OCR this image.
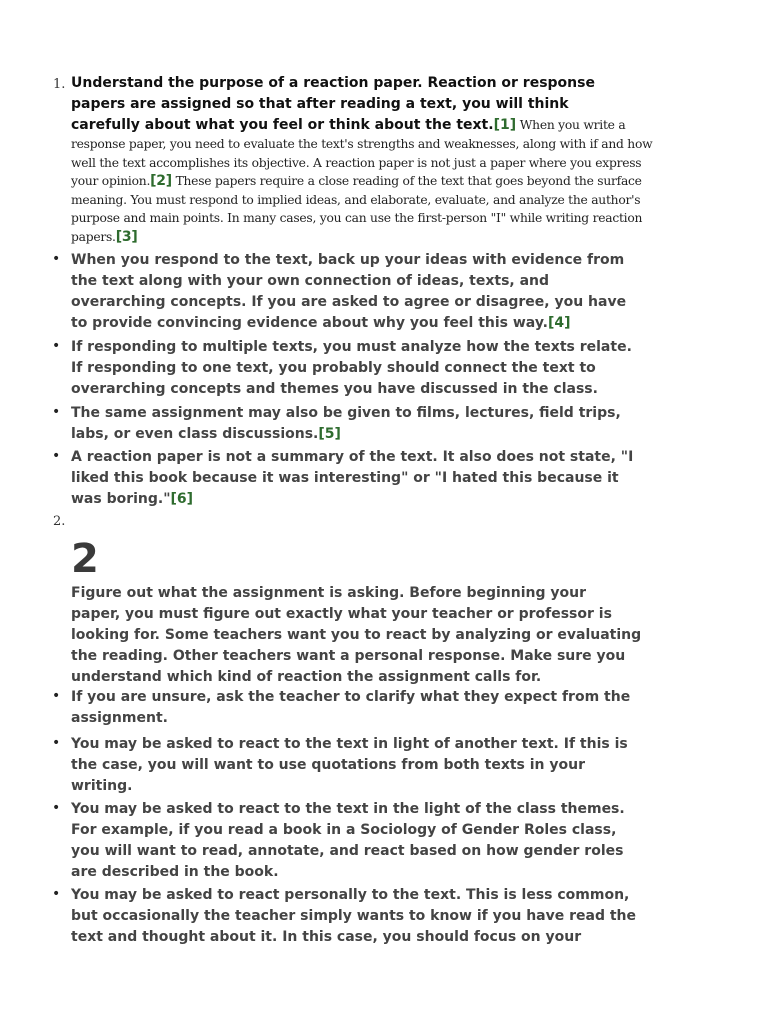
1. Understand the purpose of a reaction paper. Reaction or response
papers are assigned so that after reading a text, you will think
carefully about what you feel or think about the text.[1] When you write a
response paper, you need to evaluate the text's strengths and weaknesses, along with if and how
well the text accomplishes its objective. A reaction paper is not just a paper where you express
your opinion.[2] These papers require a close reading of the text that goes beyond the surface
meaning. You must respond to implied ideas, and elaborate, evaluate, and analyze the author's
purpose and main points. In many cases, you can use the first-person "I" while writing reaction
papers.[3]
• When you respond to the text, back up your ideas with evidence from
the text along with your own connection of ideas, texts, and
overarching concepts. If you are asked to agree or disagree, you have
to provide convincing evidence about why you feel this way.[4]
• If responding to multiple texts, you must analyze how the texts relate.
If responding to one text, you probably should connect the text to
overarching concepts and themes you have discussed in the class.
• The same assignment may also be given to films, lectures, field trips,
labs, or even class discussions.[5]
• A reaction paper is not a summary of the text. It also does not state, "I
liked this book because it was interesting" or "I hated this because it
was boring."[6]
2.
2
Figure out what the assignment is asking. Before beginning your
paper, you must figure out exactly what your teacher or professor is
looking for. Some teachers want you to react by analyzing or evaluating
the reading. Other teachers want a personal response. Make sure you
understand which kind of reaction the assignment calls for.
• If you are unsure, ask the teacher to clarify what they expect from the
assignment.
• You may be asked to react to the text in light of another text. If this is
the case, you will want to use quotations from both texts in your
writing.
• You may be asked to react to the text in the light of the class themes.
For example, if you read a book in a Sociology of Gender Roles class,
you will want to read, annotate, and react based on how gender roles
are described in the book.
• You may be asked to react personally to the text. This is less common,
but occasionally the teacher simply wants to know if you have read the
text and thought about it. In this case, you should focus on your
